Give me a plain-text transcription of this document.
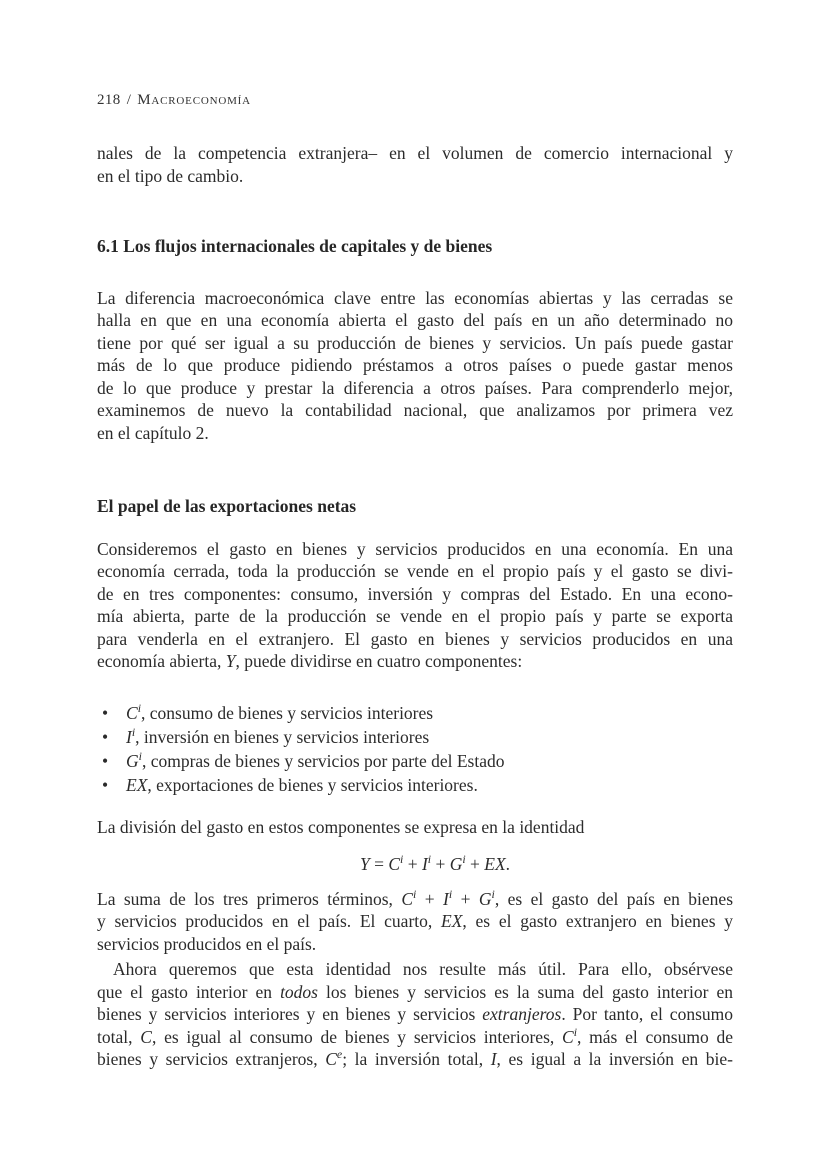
218 / Macroeconomía
nales de la competencia extranjera– en el volumen de comercio internacional y
en el tipo de cambio.
6.1 Los flujos internacionales de capitales y de bienes
La diferencia macroeconómica clave entre las economías abiertas y las cerradas se
halla en que en una economía abierta el gasto del país en un año determinado no
tiene por qué ser igual a su producción de bienes y servicios. Un país puede gastar
más de lo que produce pidiendo préstamos a otros países o puede gastar menos
de lo que produce y prestar la diferencia a otros países. Para comprenderlo mejor,
examinemos de nuevo la contabilidad nacional, que analizamos por primera vez
en el capítulo 2.
El papel de las exportaciones netas
Consideremos el gasto en bienes y servicios producidos en una economía. En una
economía cerrada, toda la producción se vende en el propio país y el gasto se divi-
de en tres componentes: consumo, inversión y compras del Estado. En una econo-
mía abierta, parte de la producción se vende en el propio país y parte se exporta
para venderla en el extranjero. El gasto en bienes y servicios producidos en una
economía abierta, Y, puede dividirse en cuatro componentes:
• $C^i$, consumo de bienes y servicios interiores
• $I^i$, inversión en bienes y servicios interiores
• $G^i$, compras de bienes y servicios por parte del Estado
• EX, exportaciones de bienes y servicios interiores.
La división del gasto en estos componentes se expresa en la identidad
$Y = C^i + I^i + G^i$ + EX.
La suma de los tres primeros términos, $C^i + I^i + G^i$, es el gasto del país en bienes
y servicios producidos en el país. El cuarto, EX, es el gasto extranjero en bienes y
servicios producidos en el país.
Ahora queremos que esta identidad nos resulte más útil. Para ello, obsérvese
que el gasto interior en todos los bienes y servicios es la suma del gasto interior en
bienes y servicios interiores y en bienes y servicios extranjeros. Por tanto, el consumo
total, C, es igual al consumo de bienes y servicios interiores, $C^i$, más el consumo de
bienes y servicios extranjeros, Ce; la inversión total, I, es igual a la inversión en bie-
